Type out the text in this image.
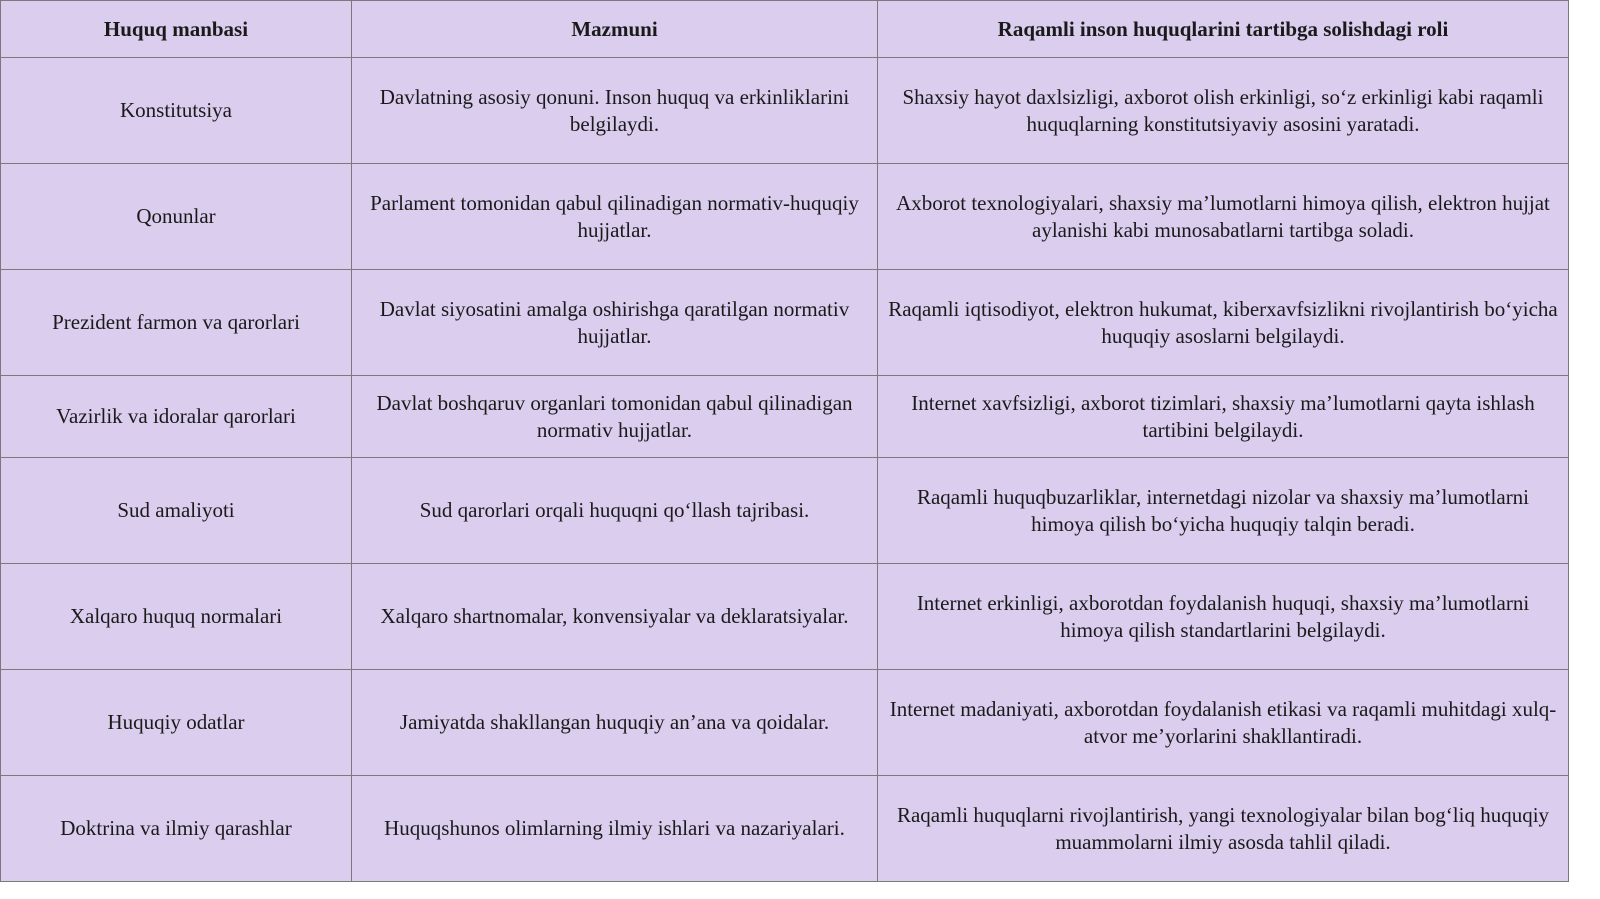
Huquq manbasi	Mazmuni	Raqamli inson huquqlarini tartibga solishdagi roli
Konstitutsiya	Davlatning asosiy qonuni. Inson huquq va erkinliklarini belgilaydi.	Shaxsiy hayot daxlsizligi, axborot olish erkinligi, so‘z erkinligi kabi raqamli huquqlarning konstitutsiyaviy asosini yaratadi.
Qonunlar	Parlament tomonidan qabul qilinadigan normativ-huquqiy hujjatlar.	Axborot texnologiyalari, shaxsiy ma’lumotlarni himoya qilish, elektron hujjat aylanishi kabi munosabatlarni tartibga soladi.
Prezident farmon va qarorlari	Davlat siyosatini amalga oshirishga qaratilgan normativ hujjatlar.	Raqamli iqtisodiyot, elektron hukumat, kiberxavfsizlikni rivojlantirish bo‘yicha huquqiy asoslarni belgilaydi.
Vazirlik va idoralar qarorlari	Davlat boshqaruv organlari tomonidan qabul qilinadigan normativ hujjatlar.	Internet xavfsizligi, axborot tizimlari, shaxsiy ma’lumotlarni qayta ishlash tartibini belgilaydi.
Sud amaliyoti	Sud qarorlari orqali huquqni qo‘llash tajribasi.	Raqamli huquqbuzarliklar, internetdagi nizolar va shaxsiy ma’lumotlarni himoya qilish bo‘yicha huquqiy talqin beradi.
Xalqaro huquq normalari	Xalqaro shartnomalar, konvensiyalar va deklaratsiyalar.	Internet erkinligi, axborotdan foydalanish huquqi, shaxsiy ma’lumotlarni himoya qilish standartlarini belgilaydi.
Huquqiy odatlar	Jamiyatda shakllangan huquqiy an’ana va qoidalar.	Internet madaniyati, axborotdan foydalanish etikasi va raqamli muhitdagi xulq-atvor me’yorlarini shakllantiradi.
Doktrina va ilmiy qarashlar	Huquqshunos olimlarning ilmiy ishlari va nazariyalari.	Raqamli huquqlarni rivojlantirish, yangi texnologiyalar bilan bog‘liq huquqiy muammolarni ilmiy asosda tahlil qiladi.
